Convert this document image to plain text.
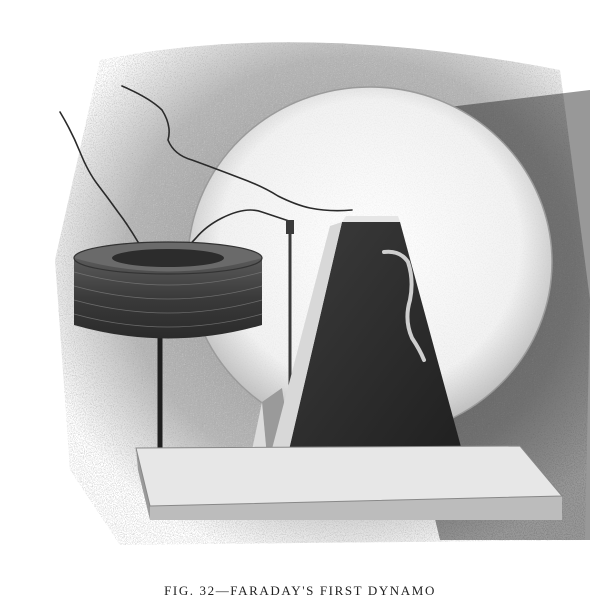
FIG. 32—FARADAY'S FIRST DYNAMO
